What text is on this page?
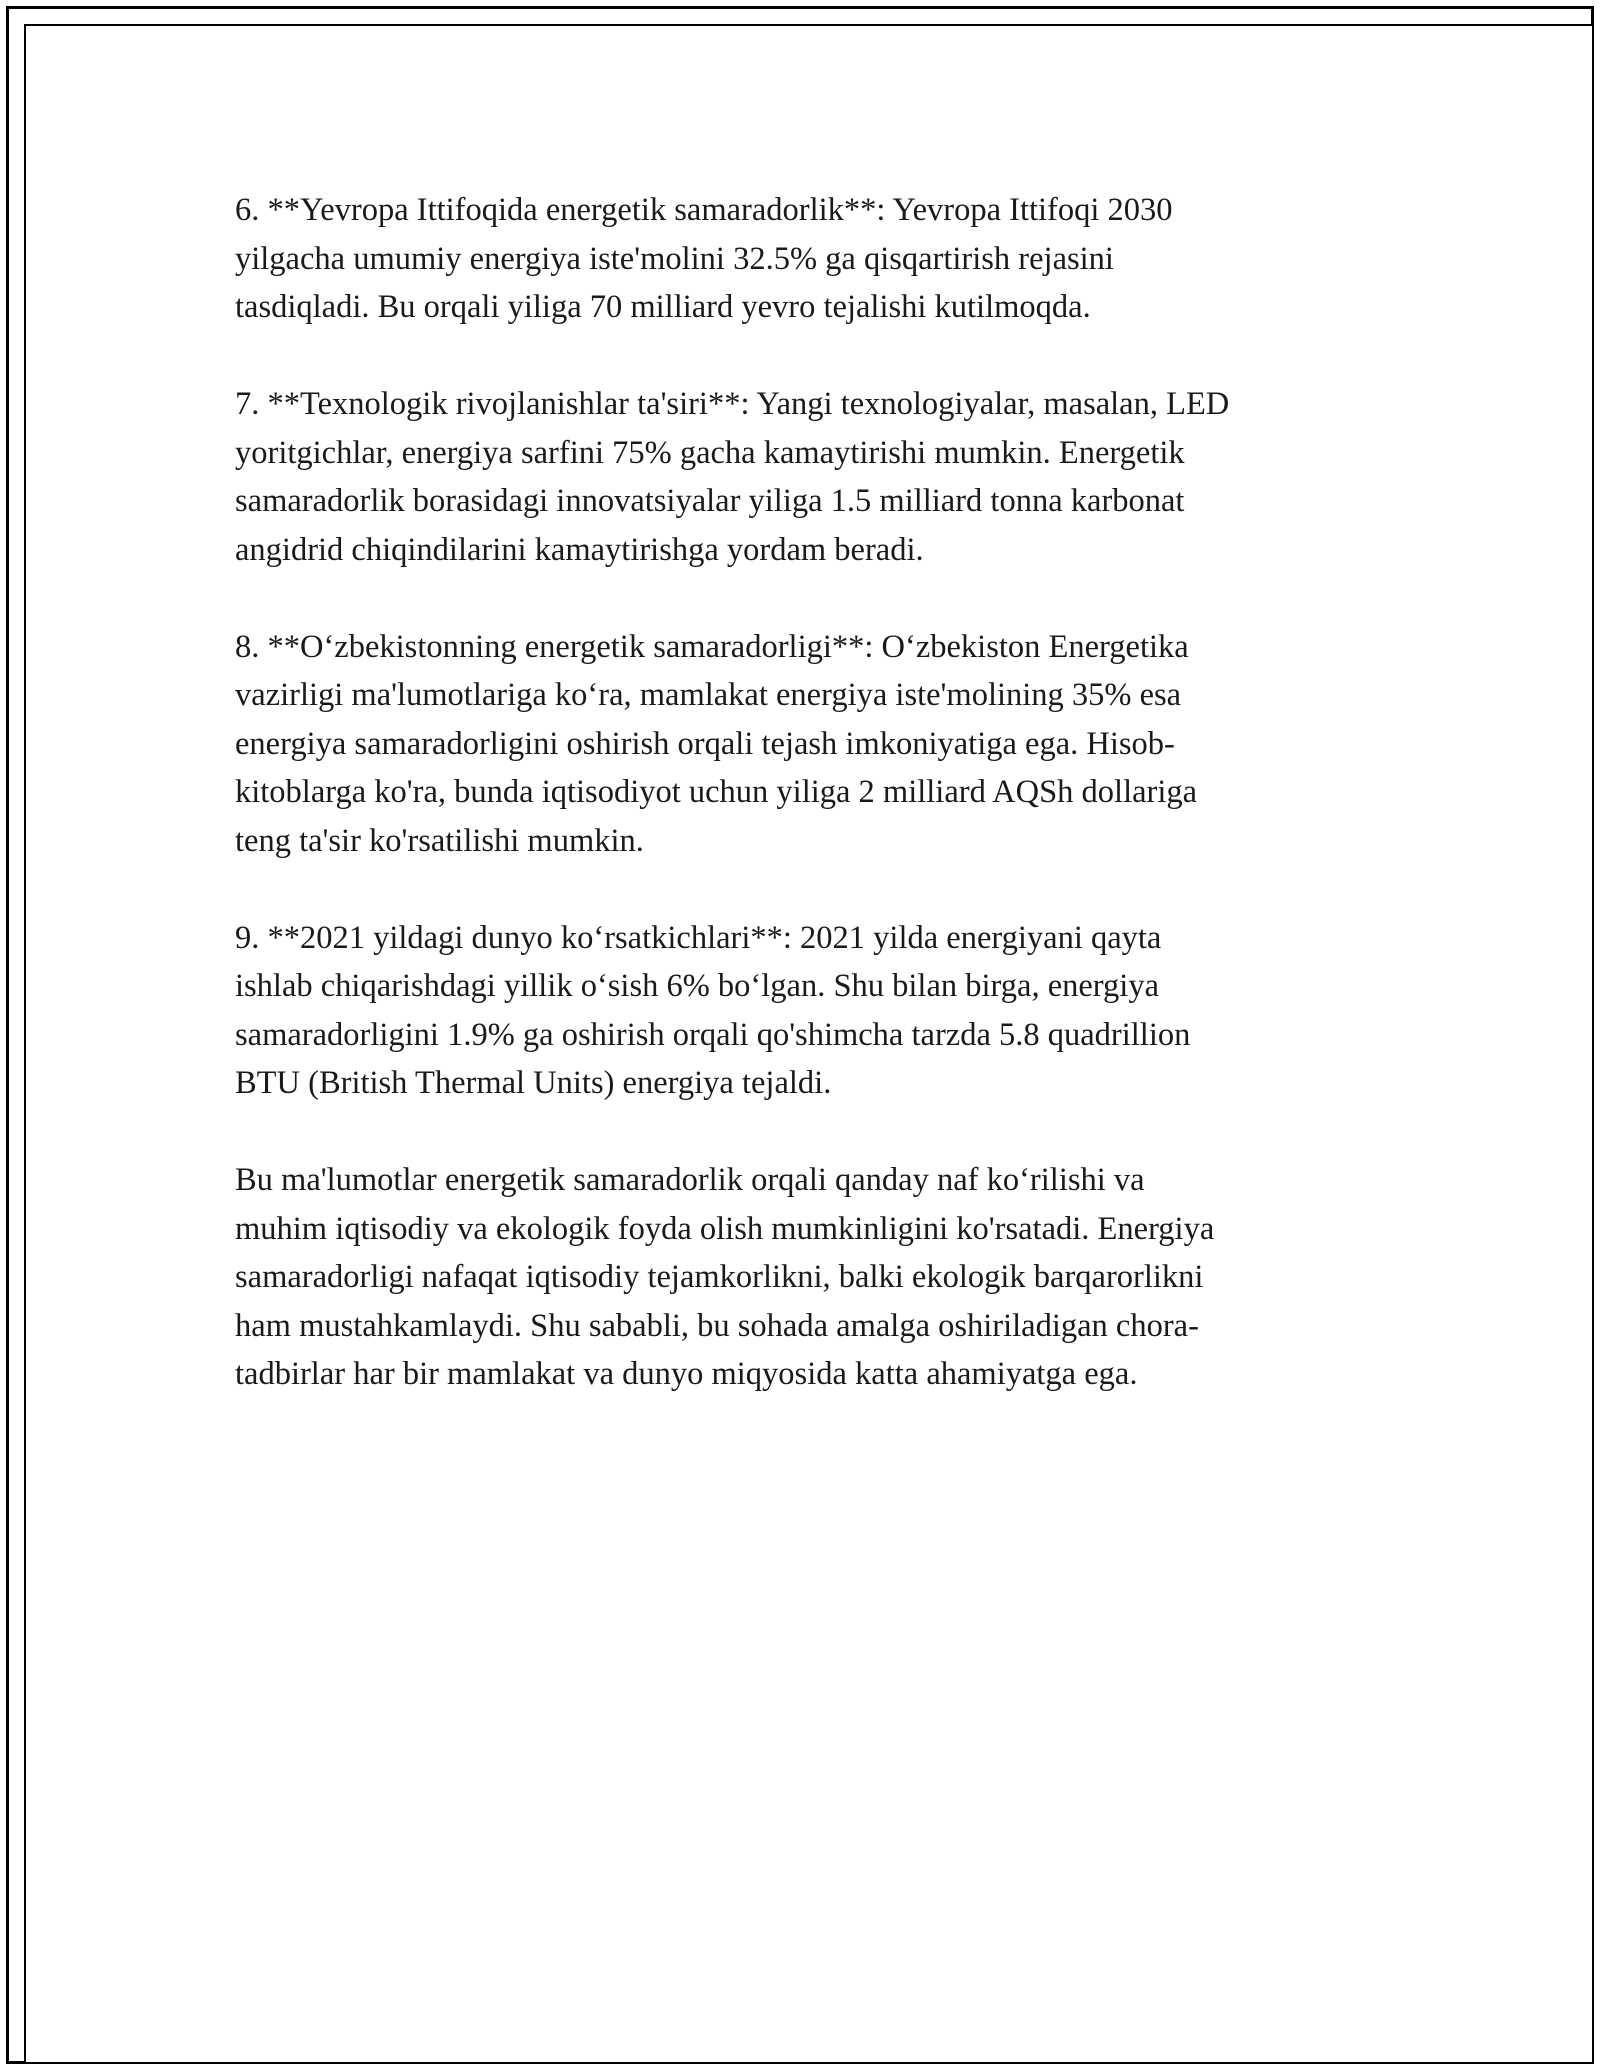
6. **Yevropa Ittifoqida energetik samaradorlik**: Yevropa Ittifoqi 2030
yilgacha umumiy energiya iste'molini 32.5% ga qisqartirish rejasini
tasdiqladi. Bu orqali yiliga 70 milliard yevro tejalishi kutilmoqda.

7. **Texnologik rivojlanishlar ta'siri**: Yangi texnologiyalar, masalan, LED
yoritgichlar, energiya sarfini 75% gacha kamaytirishi mumkin. Energetik
samaradorlik borasidagi innovatsiyalar yiliga 1.5 milliard tonna karbonat
angidrid chiqindilarini kamaytirishga yordam beradi.

8. **Oʻzbekistonning energetik samaradorligi**: Oʻzbekiston Energetika
vazirligi ma'lumotlariga koʻra, mamlakat energiya iste'molining 35% esa
energiya samaradorligini oshirish orqali tejash imkoniyatiga ega. Hisob-
kitoblarga ko'ra, bunda iqtisodiyot uchun yiliga 2 milliard AQSh dollariga
teng ta'sir ko'rsatilishi mumkin.

9. **2021 yildagi dunyo koʻrsatkichlari**: 2021 yilda energiyani qayta
ishlab chiqarishdagi yillik oʻsish 6% boʻlgan. Shu bilan birga, energiya
samaradorligini 1.9% ga oshirish orqali qo'shimcha tarzda 5.8 quadrillion
BTU (British Thermal Units) energiya tejaldi.

Bu ma'lumotlar energetik samaradorlik orqali qanday naf koʻrilishi va
muhim iqtisodiy va ekologik foyda olish mumkinligini ko'rsatadi. Energiya
samaradorligi nafaqat iqtisodiy tejamkorlikni, balki ekologik barqarorlikni
ham mustahkamlaydi. Shu sababli, bu sohada amalga oshiriladigan chora-
tadbirlar har bir mamlakat va dunyo miqyosida katta ahamiyatga ega.
